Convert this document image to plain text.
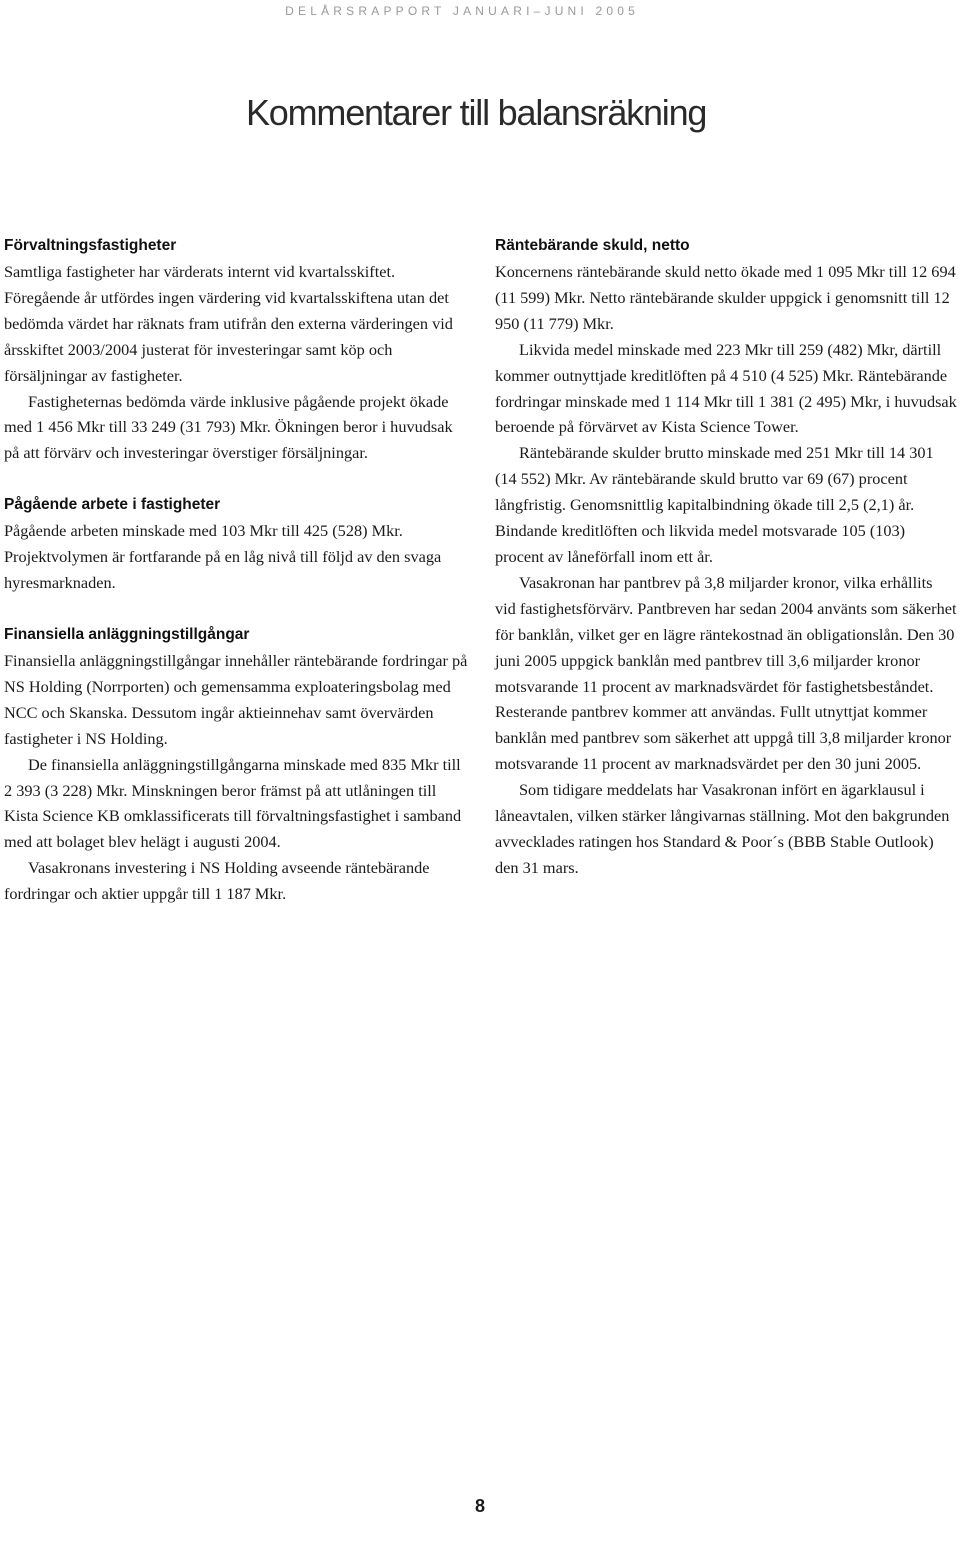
DELÅRSRAPPORT JANUARI–JUNI 2005
Kommentarer till balansräkning

Förvaltningsfastigheter

Samtliga fastigheter har värderats internt vid kvartalsskiftet. Föregående år utfördes ingen värdering vid kvartalsskiftena utan det bedömda värdet har räknats fram utifrån den externa värderingen vid årsskiftet 2003/2004 justerat för investeringar samt köp och försäljningar av fastigheter.

Fastigheternas bedömda värde inklusive pågående projekt ökade med 1 456 Mkr till 33 249 (31 793) Mkr. Ökningen beror i huvudsak på att förvärv och investeringar överstiger försäljningar.

Pågående arbete i fastigheter

Pågående arbeten minskade med 103 Mkr till 425 (528) Mkr. Projektvolymen är fortfarande på en låg nivå till följd av den svaga hyresmarknaden.

Finansiella anläggningstillgångar

Finansiella anläggningstillgångar innehåller räntebärande fordringar på NS Holding (Norrporten) och gemensamma exploateringsbolag med NCC och Skanska. Dessutom ingår aktieinnehav samt övervärden fastigheter i NS Holding.

De finansiella anläggningstillgångarna minskade med 835 Mkr till 2 393 (3 228) Mkr. Minskningen beror främst på att utlåningen till Kista Science KB omklassificerats till förvaltningsfastighet i samband med att bolaget blev helägt i augusti 2004.

Vasakronans investering i NS Holding avseende räntebärande fordringar och aktier uppgår till 1 187 Mkr.

Räntebärande skuld, netto

Koncernens räntebärande skuld netto ökade med 1 095 Mkr till 12 694 (11 599) Mkr. Netto räntebärande skulder uppgick i genomsnitt till 12 950 (11 779) Mkr.

Likvida medel minskade med 223 Mkr till 259 (482) Mkr, därtill kommer outnyttjade kreditlöften på 4 510 (4 525) Mkr. Räntebärande fordringar minskade med 1 114 Mkr till 1 381 (2 495) Mkr, i huvudsak beroende på förvärvet av Kista Science Tower.

Räntebärande skulder brutto minskade med 251 Mkr till 14 301 (14 552) Mkr. Av räntebärande skuld brutto var 69 (67) procent långfristig. Genomsnittlig kapitalbindning ökade till 2,5 (2,1) år. Bindande kreditlöften och likvida medel motsvarade 105 (103) procent av låneförfall inom ett år.

Vasakronan har pantbrev på 3,8 miljarder kronor, vilka erhållits vid fastighetsförvärv. Pantbreven har sedan 2004 använts som säkerhet för banklån, vilket ger en lägre räntekostnad än obligationslån. Den 30 juni 2005 uppgick banklån med pantbrev till 3,6 miljarder kronor motsvarande 11 procent av marknadsvärdet för fastighetsbeståndet. Resterande pantbrev kommer att användas. Fullt utnyttjat kommer banklån med pantbrev som säkerhet att uppgå till 3,8 miljarder kronor motsvarande 11 procent av marknadsvärdet per den 30 juni 2005.

Som tidigare meddelats har Vasakronan infört en ägarklausul i låneavtalen, vilken stärker långivarnas ställning. Mot den bakgrunden avvecklades ratingen hos Standard & Poor´s (BBB Stable Outlook) den 31 mars.

8
